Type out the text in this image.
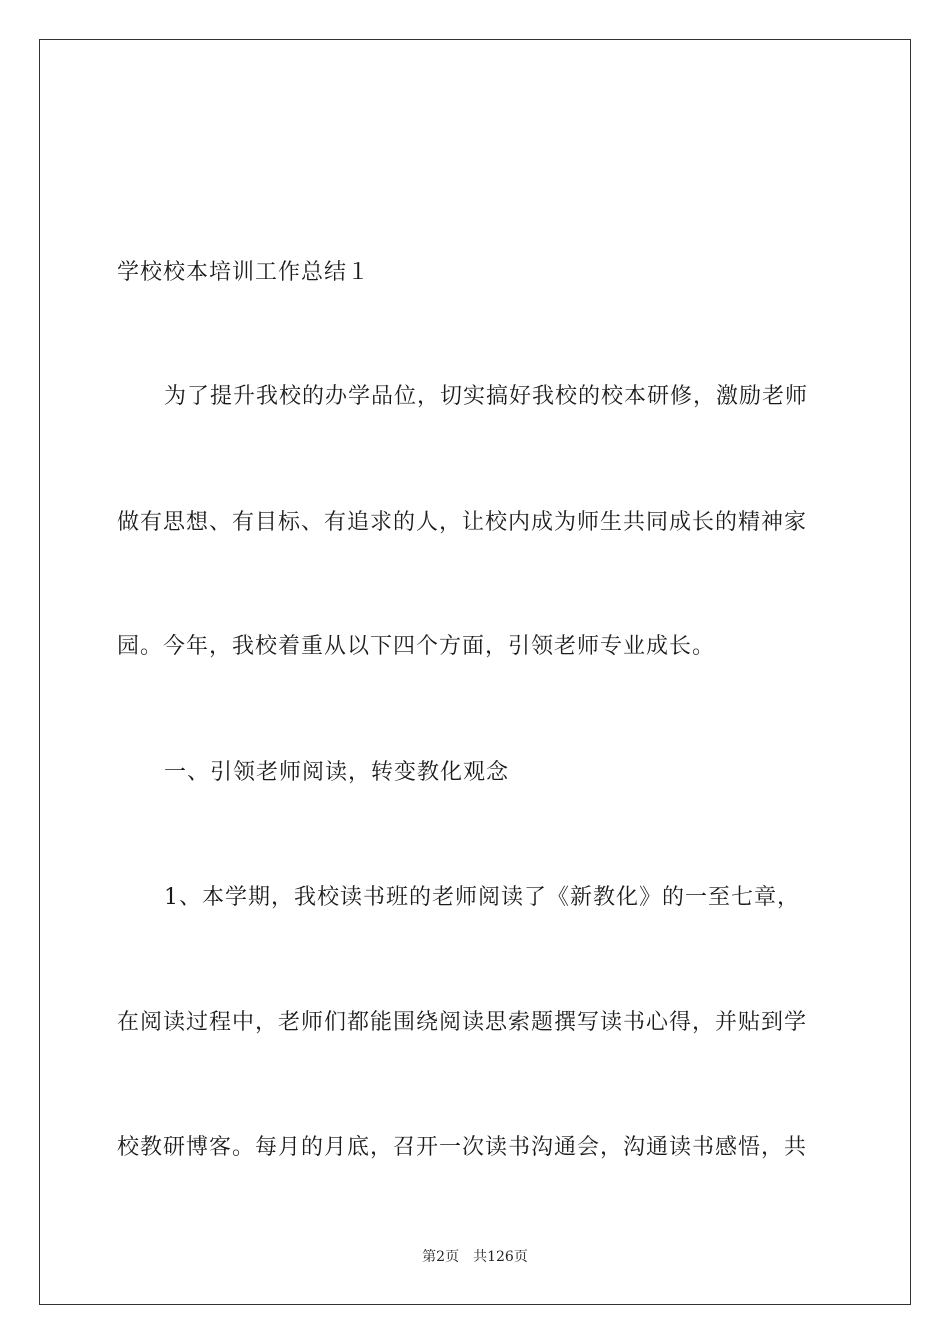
学校校本培训工作总结１
为了提升我校的办学品位，切实搞好我校的校本研修，激励老师
做有思想、有目标、有追求的人，让校内成为师生共同成长的精神家
园。今年，我校着重从以下四个方面，引领老师专业成长。
一、引领老师阅读，转变教化观念
1、本学期，我校读书班的老师阅读了《新教化》的一至七章，
在阅读过程中，老师们都能围绕阅读思索题撰写读书心得，并贴到学
校教研博客。每月的月底，召开一次读书沟通会，沟通读书感悟，共
第2页 共126页
